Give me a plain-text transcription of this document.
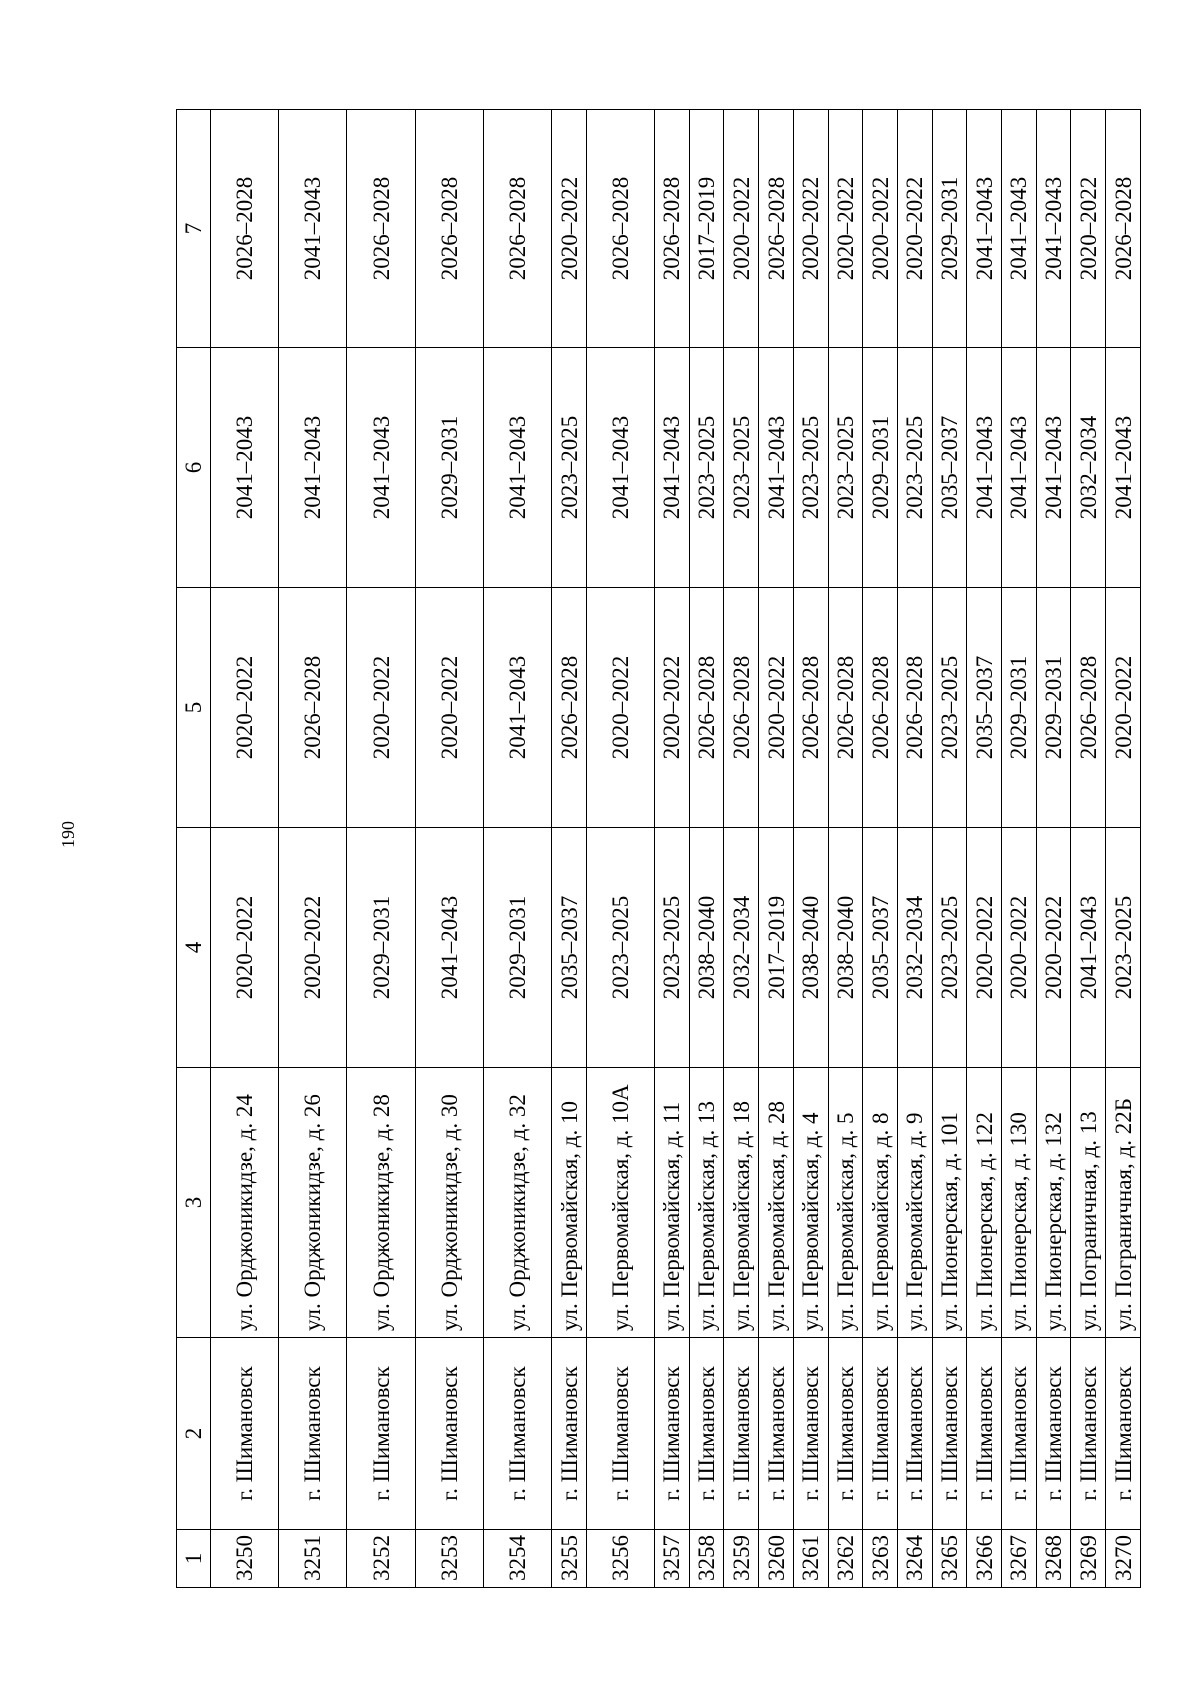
190
1	2	3	4	5	6	7
3250	г. Шимановск	ул. Орджоникидзе, д. 24	2020–2022	2020–2022	2041–2043	2026–2028
3251	г. Шимановск	ул. Орджоникидзе, д. 26	2020–2022	2026–2028	2041–2043	2041–2043
3252	г. Шимановск	ул. Орджоникидзе, д. 28	2029–2031	2020–2022	2041–2043	2026–2028
3253	г. Шимановск	ул. Орджоникидзе, д. 30	2041–2043	2020–2022	2029–2031	2026–2028
3254	г. Шимановск	ул. Орджоникидзе, д. 32	2029–2031	2041–2043	2041–2043	2026–2028
3255	г. Шимановск	ул. Первомайская, д. 10	2035–2037	2026–2028	2023–2025	2020–2022
3256	г. Шимановск	ул. Первомайская, д. 10А	2023–2025	2020–2022	2041–2043	2026–2028
3257	г. Шимановск	ул. Первомайская, д. 11	2023–2025	2020–2022	2041–2043	2026–2028
3258	г. Шимановск	ул. Первомайская, д. 13	2038–2040	2026–2028	2023–2025	2017–2019
3259	г. Шимановск	ул. Первомайская, д. 18	2032–2034	2026–2028	2023–2025	2020–2022
3260	г. Шимановск	ул. Первомайская, д. 28	2017–2019	2020–2022	2041–2043	2026–2028
3261	г. Шимановск	ул. Первомайская, д. 4	2038–2040	2026–2028	2023–2025	2020–2022
3262	г. Шимановск	ул. Первомайская, д. 5	2038–2040	2026–2028	2023–2025	2020–2022
3263	г. Шимановск	ул. Первомайская, д. 8	2035–2037	2026–2028	2029–2031	2020–2022
3264	г. Шимановск	ул. Первомайская, д. 9	2032–2034	2026–2028	2023–2025	2020–2022
3265	г. Шимановск	ул. Пионерская, д. 101	2023–2025	2023–2025	2035–2037	2029–2031
3266	г. Шимановск	ул. Пионерская, д. 122	2020–2022	2035–2037	2041–2043	2041–2043
3267	г. Шимановск	ул. Пионерская, д. 130	2020–2022	2029–2031	2041–2043	2041–2043
3268	г. Шимановск	ул. Пионерская, д. 132	2020–2022	2029–2031	2041–2043	2041–2043
3269	г. Шимановск	ул. Пограничная, д. 13	2041–2043	2026–2028	2032–2034	2020–2022
3270	г. Шимановск	ул. Пограничная, д. 22Б	2023–2025	2020–2022	2041–2043	2026–2028
